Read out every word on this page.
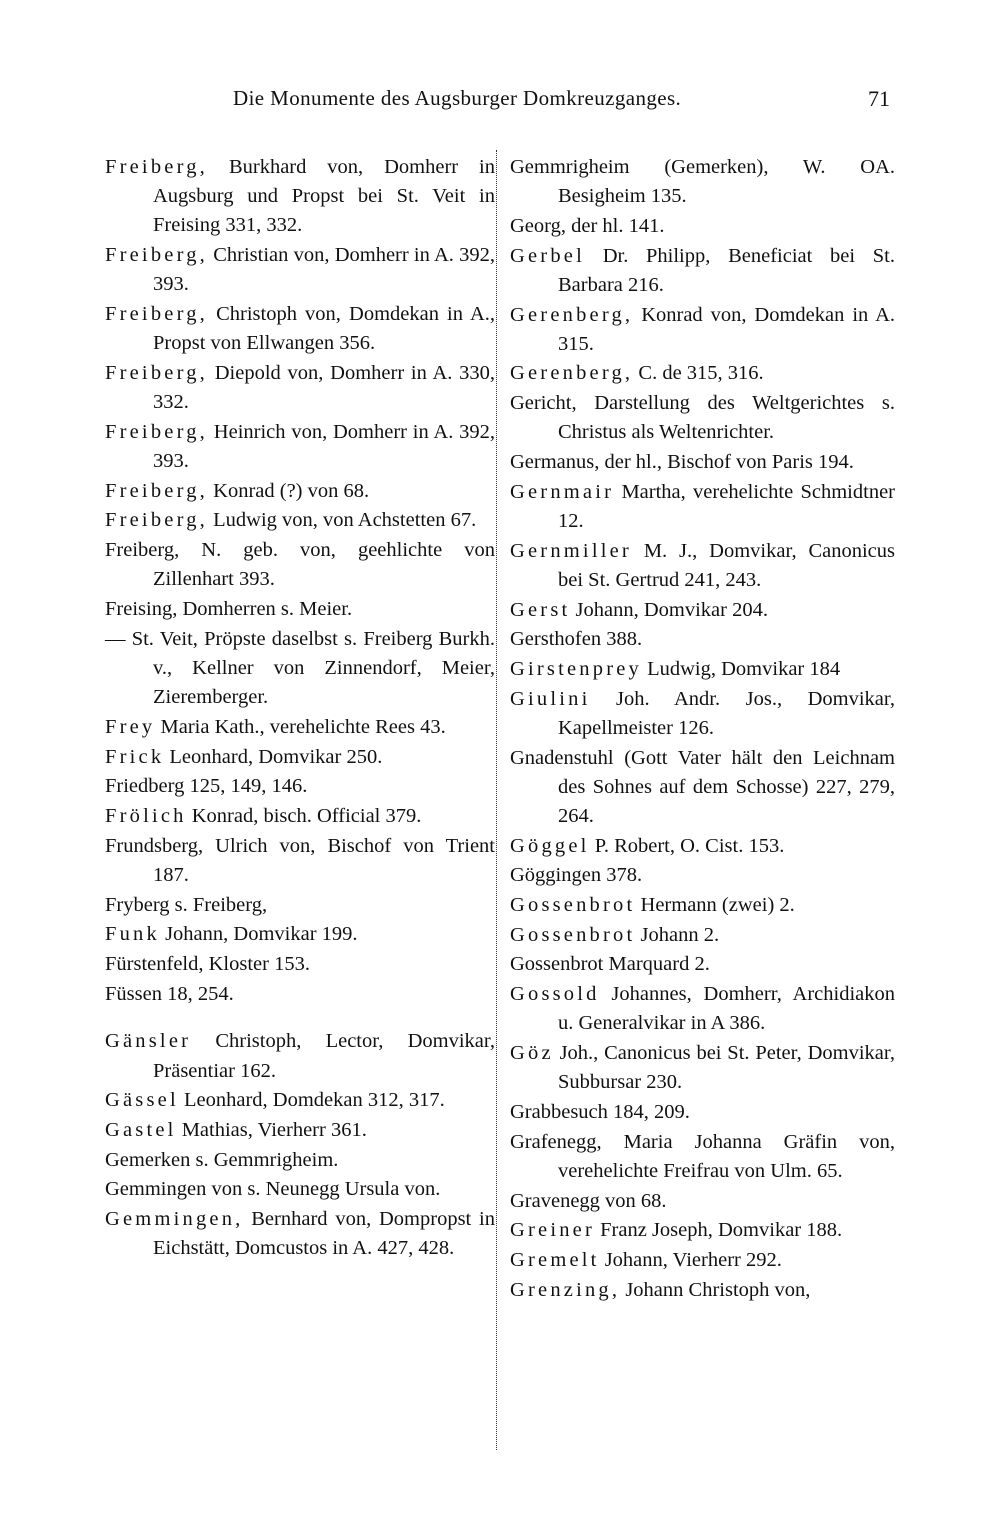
Die Monumente des Augsburger Domkreuzganges.	71
Freiberg, Burkhard von, Domherr in Augsburg und Propst bei St. Veit in Freising 331, 332.
Freiberg, Christian von, Domherr in A. 392, 393.
Freiberg, Christoph von, Domdekan in A., Propst von Ellwangen 356.
Freiberg, Diepold von, Domherr in A. 330, 332.
Freiberg, Heinrich von, Domherr in A. 392, 393.
Freiberg, Konrad (?) von 68.
Freiberg, Ludwig von, von Achstetten 67.
Freiberg, N. geb. von, geehlichte von Zillenhart 393.
Freising, Domherren s. Meier.
— St. Veit, Pröpste daselbst s. Freiberg Burkh. v., Kellner von Zinnendorf, Meier, Zieremberger.
Frey Maria Kath., verehelichte Rees 43.
Frick Leonhard, Domvikar 250.
Friedberg 125, 149, 146.
Frölich Konrad, bisch. Official 379.
Frundsberg, Ulrich von, Bischof von Trient 187.
Fryberg s. Freiberg,
Funk Johann, Domvikar 199.
Fürstenfeld, Kloster 153.
Füssen 18, 254.
Gänsler Christoph, Lector, Domvikar, Präsentiar 162.
Gässel Leonhard, Domdekan 312, 317.
Gastel Mathias, Vierherr 361.
Gemerken s. Gemmrigheim.
Gemmingen von s. Neunegg Ursula von.
Gemmingen, Bernhard von, Dompropst in Eichstätt, Domcustos in A. 427, 428.
Gemmrigheim (Gemerken), W. OA. Besigheim 135.
Georg, der hl. 141.
Gerbel Dr. Philipp, Beneficiat bei St. Barbara 216.
Gerenberg, Konrad von, Domdekan in A. 315.
Gerenberg, C. de 315, 316.
Gericht, Darstellung des Weltgerichtes s. Christus als Weltenrichter.
Germanus, der hl., Bischof von Paris 194.
Gernmair Martha, verehelichte Schmidtner 12.
Gernmiller M. J., Domvikar, Canonicus bei St. Gertrud 241, 243.
Gerst Johann, Domvikar 204.
Gersthofen 388.
Girstenprey Ludwig, Domvikar 184
Giulini Joh. Andr. Jos., Domvikar, Kapellmeister 126.
Gnadenstuhl (Gott Vater hält den Leichnam des Sohnes auf dem Schosse) 227, 279, 264.
Göggel P. Robert, O. Cist. 153.
Göggingen 378.
Gossenbrot Hermann (zwei) 2.
Gossenbrot Johann 2.
Gossenbrot Marquard 2.
Gossold Johannes, Domherr, Archidiakon u. Generalvikar in A 386.
Göz Joh., Canonicus bei St. Peter, Domvikar, Subbursar 230.
Grabbesuch 184, 209.
Grafenegg, Maria Johanna Gräfin von, verehelichte Freifrau von Ulm. 65.
Gravenegg von 68.
Greiner Franz Joseph, Domvikar 188.
Gremelt Johann, Vierherr 292.
Grenzing, Johann Christoph von,
